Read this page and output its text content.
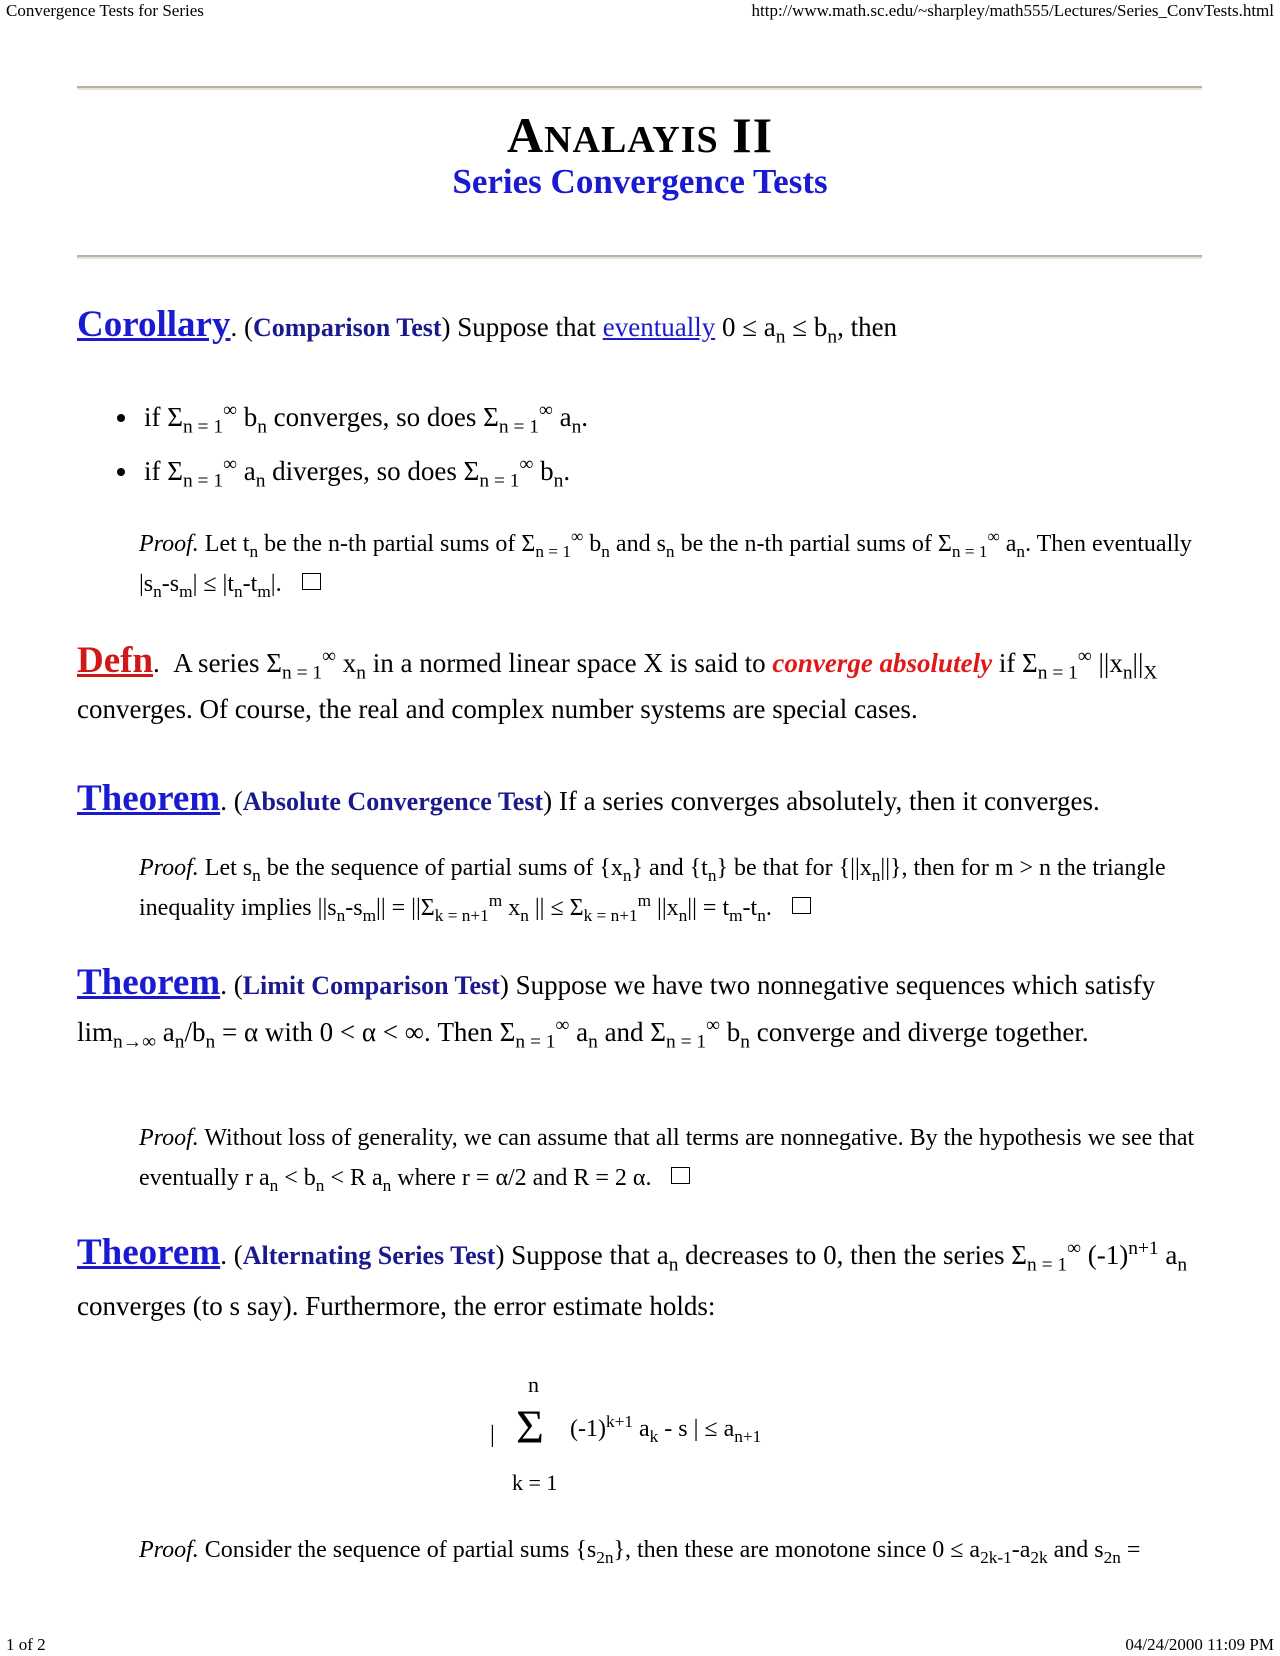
Convergence Tests for Series	http://www.math.sc.edu/~sharpley/math555/Lectures/Series_ConvTests.html
ANALAYIS II
Series Convergence Tests
Corollary. (Comparison Test) Suppose that eventually $0 \le a_n \le b_n$, then
• if $\Sigma_{n = 1}^\infty$ $b_n$ converges, so does $\Sigma_{n = 1}^\infty$ $a_n$.
• if $\Sigma_{n = 1}^\infty$ $a_n$ diverges, so does $\Sigma_{n = 1}^\infty$ $b_n$.
Proof. Let $t_n$ be the n-th partial sums of $\Sigma_{n = 1}^\infty$ $b_n$ and $s_n$ be the n-th partial sums of $\Sigma_{n = 1}^\infty$ $a_n$. Then eventually $|s_n-s_m| \le |t_n-t_m|$.
Defn.  A series $\Sigma_{n = 1}^\infty$ $x_n$ in a normed linear space X is said to converge absolutely if $\Sigma_{n = 1}^\infty$ $||x_n||_X$ converges. Of course, the real and complex number systems are special cases.
Theorem. (Absolute Convergence Test) If a series converges absolutely, then it converges.
Proof. Let $s_n$ be the sequence of partial sums of $\{x_n\}$ and $\{t_n\}$ be that for $\{||x_n||\}$, then for m > n the triangle inequality implies $||s_n-s_m|| = ||\Sigma_{k = n+1}^m$ $x_n$ || ≤ $\Sigma_{k = n+1}^m$ $||x_n|| = t_m-t_n$.
Theorem. (Limit Comparison Test) Suppose we have two nonnegative sequences which satisfy $\lim_{n\to\infty} a_n/b_n = \alpha$ with 0 < α < ∞. Then $\Sigma_{n = 1}^\infty$ $a_n$ and $\Sigma_{n = 1}^\infty$ $b_n$ converge and diverge together.
Proof. Without loss of generality, we can assume that all terms are nonnegative. By the hypothesis we see that eventually r $a_n < b_n < R$ $a_n$ where r = α/2 and R = 2 α.
Theorem. (Alternating Series Test) Suppose that $a_n$ decreases to 0, then the series $\Sigma_{n = 1}^\infty$ $(-1)^{n+1}$ $a_n$ converges (to s say). Furthermore, the error estimate holds:
n
| Σ $(-1)^{k+1}$ $a_k$ - s | ≤ $a_{n+1}$
k = 1
Proof. Consider the sequence of partial sums $\{s_{2n}\}$, then these are monotone since $0 \le a_{2k-1}-a_{2k}$ and $s_{2n}$ =
1 of 2	04/24/2000 11:09 PM
